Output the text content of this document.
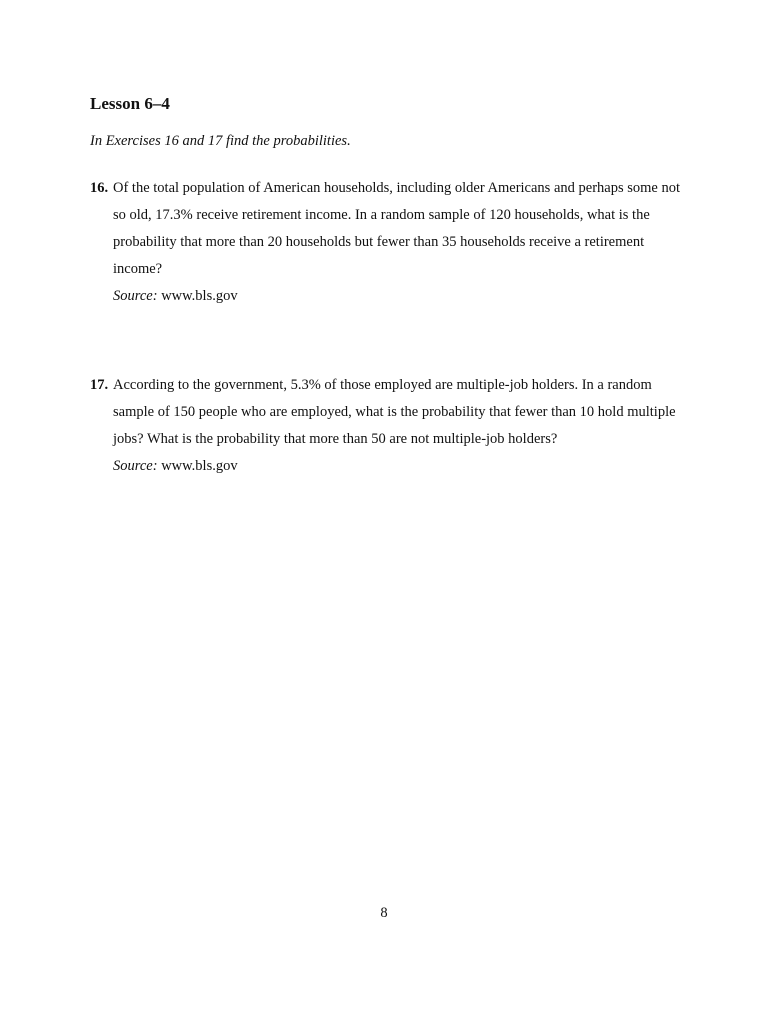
Lesson 6–4

In Exercises 16 and 17 find the probabilities.

16. Of the total population of American households, including older Americans and perhaps some not so old, 17.3% receive retirement income. In a random sample of 120 households, what is the probability that more than 20 households but fewer than 35 households receive a retirement income?

Source: www.bls.gov

17. According to the government, 5.3% of those employed are multiple-job holders. In a random sample of 150 people who are employed, what is the probability that fewer than 10 hold multiple jobs? What is the probability that more than 50 are not multiple-job holders?

Source: www.bls.gov

8
